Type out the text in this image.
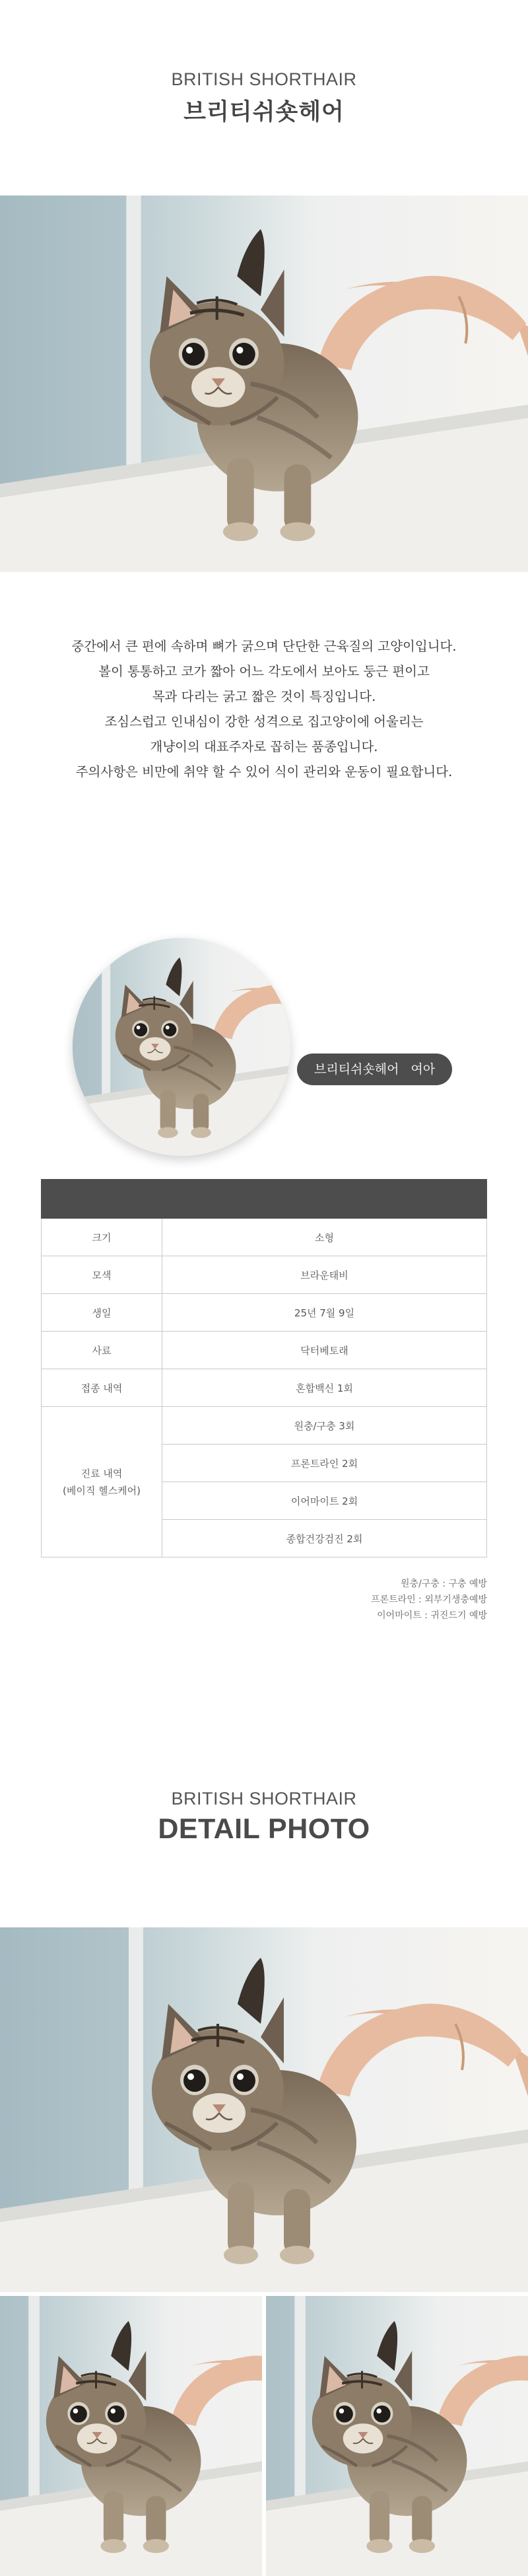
BRITISH SHORTHAIR
브리티쉬숏헤어

중간에서 큰 편에 속하며 뼈가 굵으며 단단한 근육질의 고양이입니다.

볼이 통통하고 코가 짧아 어느 각도에서 보아도 둥근 편이고

목과 다리는 굵고 짧은 것이 특징입니다.

조심스럽고 인내심이 강한 성격으로 집고양이에 어울리는

개냥이의 대표주자로 꼽히는 품종입니다.

주의사항은 비만에 취약 할 수 있어 식이 관리와 운동이 필요합니다.

브리티쉬숏헤어 여아

크기	소형
모색	브라운태비
생일	25년 7월 9일
사료	닥터베토래
접종 내역	혼합백신 1회

진료 내역
(베이직 헬스케어)	원충/구충 3회
	프론트라인 2회
	이어마이트 2회
	종합건강검진 2회
원충/구충 : 구충 예방
프론트라인 : 외부기생충예방
이어마이트 : 귀진드기 예방
BRITISH SHORTHAIR
DETAIL PHOTO
